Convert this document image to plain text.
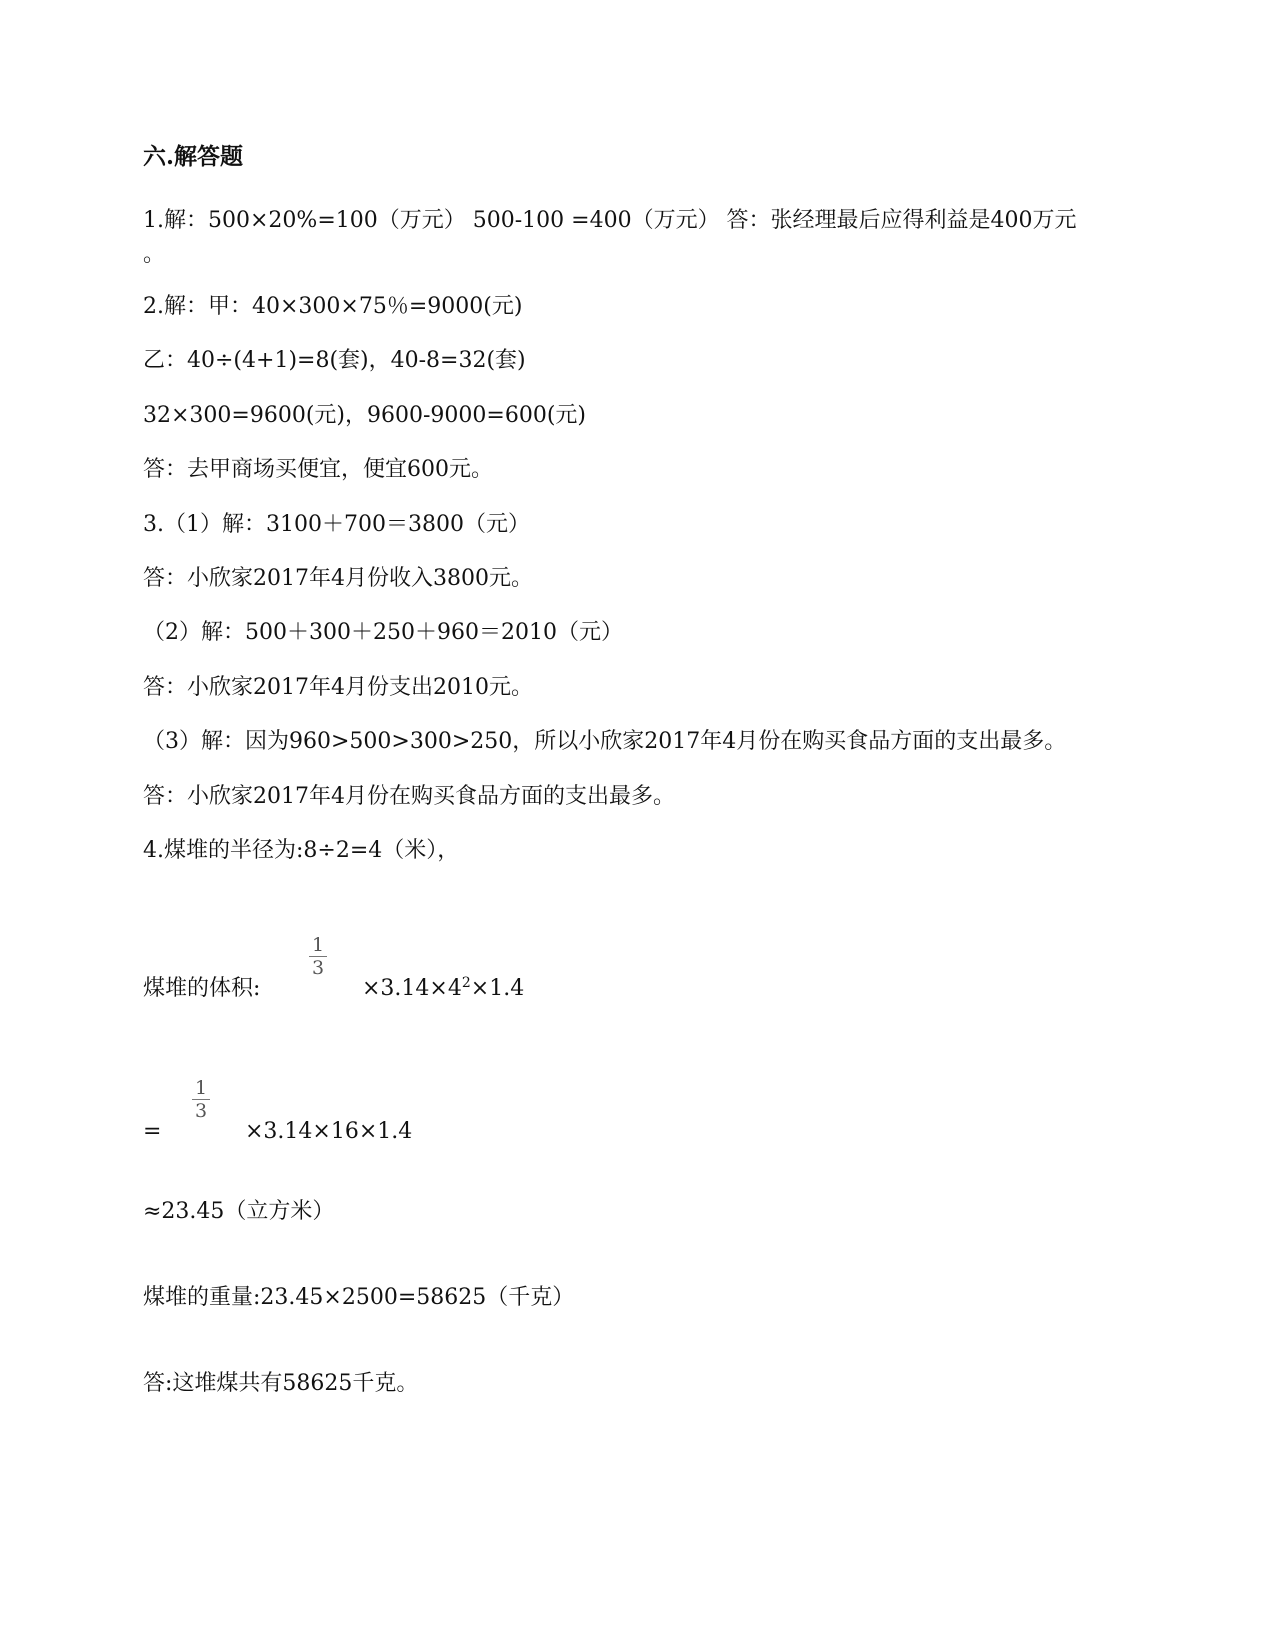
六.解答题
1.解：500×20%=100（万元） 500-100 =400（万元） 答：张经理最后应得利益是400万元
。
2.解：甲：40×300×75％=9000(元)
乙：40÷(4+1)=8(套)，40-8=32(套)
32×300=9600(元)，9600-9000=600(元)
答：去甲商场买便宜，便宜600元。
3.（1）解：3100＋700＝3800（元）
答：小欣家2017年4月份收入3800元。
（2）解：500＋300＋250＋960＝2010（元）
答：小欣家2017年4月份支出2010元。
（3）解：因为960>500>300>250，所以小欣家2017年4月份在购买食品方面的支出最多。
答：小欣家2017年4月份在购买食品方面的支出最多。
4.煤堆的半径为:8÷2=4（米），
煤堆的体积:
1
3
$\times 3.14\times 4^2\times 1.4$
=
1
3
×3.14×16×1.4
≈23.45（立方米）
煤堆的重量:23.45×2500=58625（千克）
答:这堆煤共有58625千克。
